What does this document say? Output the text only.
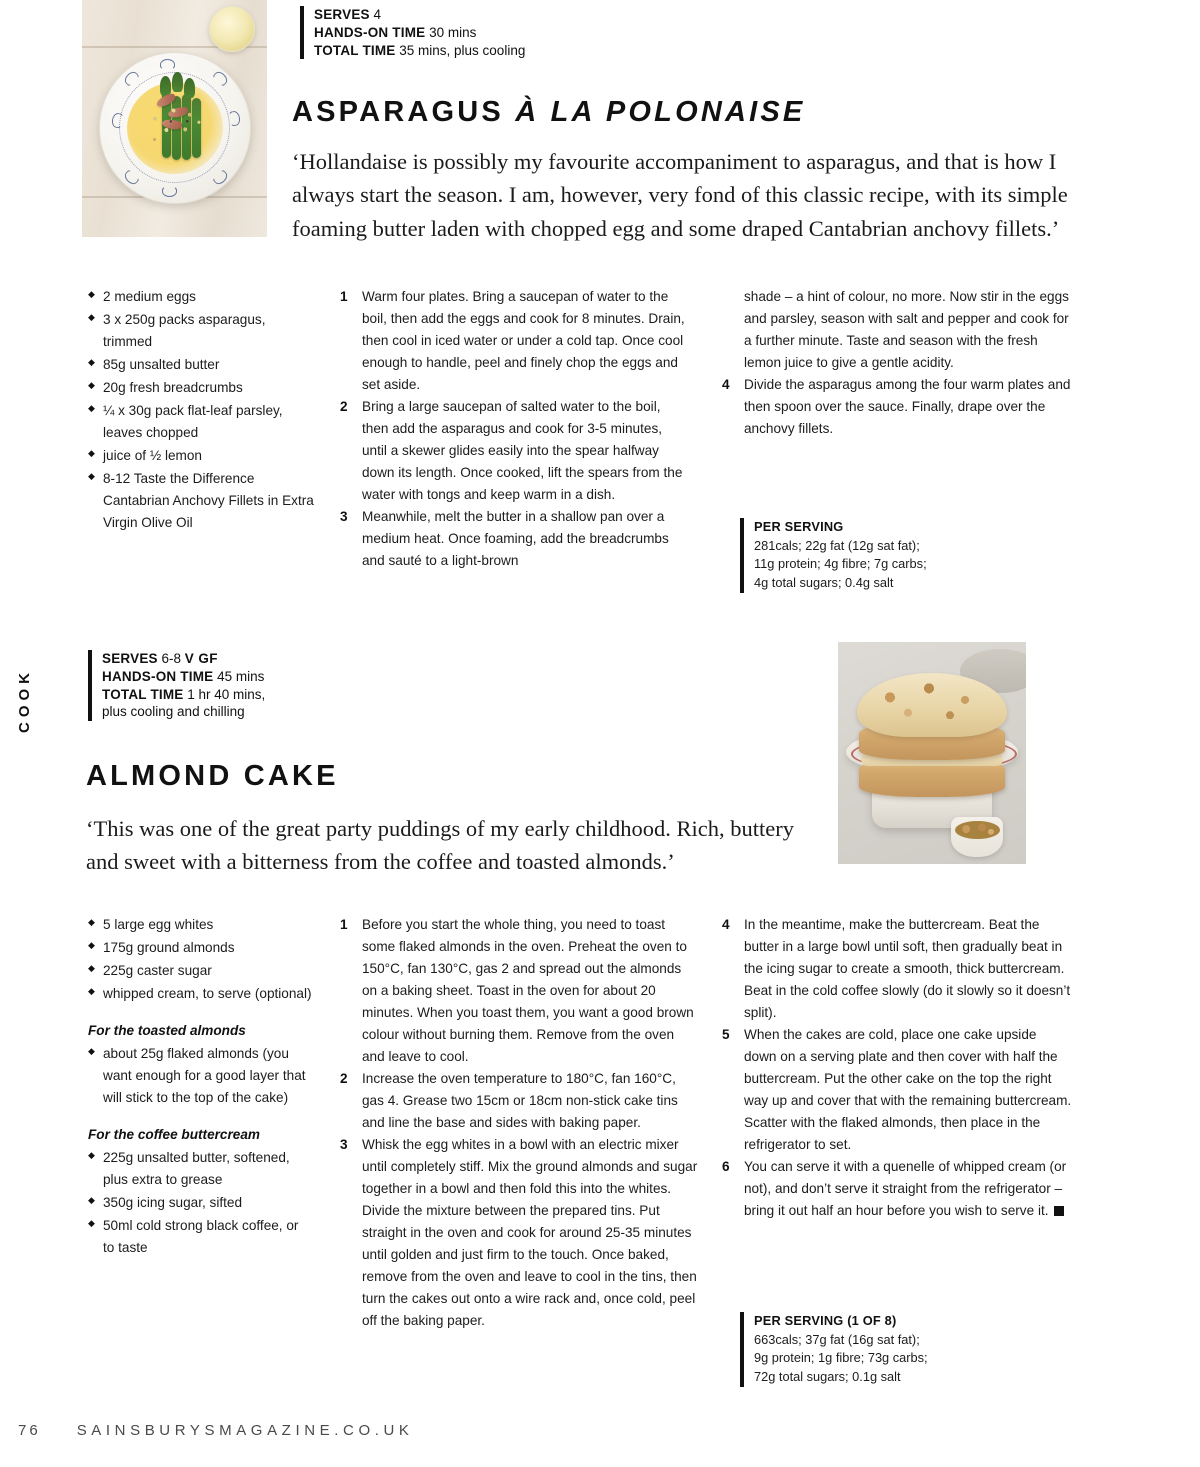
SERVES 4
HANDS-ON TIME 30 mins
TOTAL TIME 35 mins, plus cooling
ASPARAGUS À LA POLONAISE
‘Hollandaise is possibly my favourite accompaniment to asparagus, and that is how I always start the season. I am, however, very fond of this classic recipe, with its simple foaming butter laden with chopped egg and some draped Cantabrian anchovy fillets.’
◆ 2 medium eggs
◆ 3 x 250g packs asparagus, trimmed
◆ 85g unsalted butter
◆ 20g fresh breadcrumbs
◆ ¼ x 30g pack flat-leaf parsley, leaves chopped
◆ juice of ½ lemon
◆ 8-12 Taste the Difference Cantabrian Anchovy Fillets in Extra Virgin Olive Oil
1 Warm four plates. Bring a saucepan of water to the boil, then add the eggs and cook for 8 minutes. Drain, then cool in iced water or under a cold tap. Once cool enough to handle, peel and finely chop the eggs and set aside.
2 Bring a large saucepan of salted water to the boil, then add the asparagus and cook for 3-5 minutes, until a skewer glides easily into the spear halfway down its length. Once cooked, lift the spears from the water with tongs and keep warm in a dish.
3 Meanwhile, melt the butter in a shallow pan over a medium heat. Once foaming, add the breadcrumbs and sauté to a light-brown
shade – a hint of colour, no more. Now stir in the eggs and parsley, season with salt and pepper and cook for a further minute. Taste and season with the fresh lemon juice to give a gentle acidity.
4 Divide the asparagus among the four warm plates and then spoon over the sauce. Finally, drape over the anchovy fillets.
PER SERVING
281cals; 22g fat (12g sat fat);
11g protein; 4g fibre; 7g carbs;
4g total sugars; 0.4g salt
COOK
SERVES 6-8 V GF
HANDS-ON TIME 45 mins
TOTAL TIME 1 hr 40 mins,
plus cooling and chilling
ALMOND CAKE
‘This was one of the great party puddings of my early childhood. Rich, buttery and sweet with a bitterness from the coffee and toasted almonds.’
◆ 5 large egg whites
◆ 175g ground almonds
◆ 225g caster sugar
◆ whipped cream, to serve (optional)
For the toasted almonds
◆ about 25g flaked almonds (you want enough for a good layer that will stick to the top of the cake)
For the coffee buttercream
◆ 225g unsalted butter, softened, plus extra to grease
◆ 350g icing sugar, sifted
◆ 50ml cold strong black coffee, or to taste
1 Before you start the whole thing, you need to toast some flaked almonds in the oven. Preheat the oven to 150°C, fan 130°C, gas 2 and spread out the almonds on a baking sheet. Toast in the oven for about 20 minutes. When you toast them, you want a good brown colour without burning them. Remove from the oven and leave to cool.
2 Increase the oven temperature to 180°C, fan 160°C, gas 4. Grease two 15cm or 18cm non-stick cake tins and line the base and sides with baking paper.
3 Whisk the egg whites in a bowl with an electric mixer until completely stiff. Mix the ground almonds and sugar together in a bowl and then fold this into the whites. Divide the mixture between the prepared tins. Put straight in the oven and cook for around 25-35 minutes until golden and just firm to the touch. Once baked, remove from the oven and leave to cool in the tins, then turn the cakes out onto a wire rack and, once cold, peel off the baking paper.
4 In the meantime, make the buttercream. Beat the butter in a large bowl until soft, then gradually beat in the icing sugar to create a smooth, thick buttercream. Beat in the cold coffee slowly (do it slowly so it doesn’t split).
5 When the cakes are cold, place one cake upside down on a serving plate and then cover with half the buttercream. Put the other cake on the top the right way up and cover that with the remaining buttercream. Scatter with the flaked almonds, then place in the refrigerator to set.
6 You can serve it with a quenelle of whipped cream (or not), and don’t serve it straight from the refrigerator – bring it out half an hour before you wish to serve it.
PER SERVING (1 OF 8)
663cals; 37g fat (16g sat fat);
9g protein; 1g fibre; 73g carbs;
72g total sugars; 0.1g salt
76 SAINSBURYSMAGAZINE.CO.UK
